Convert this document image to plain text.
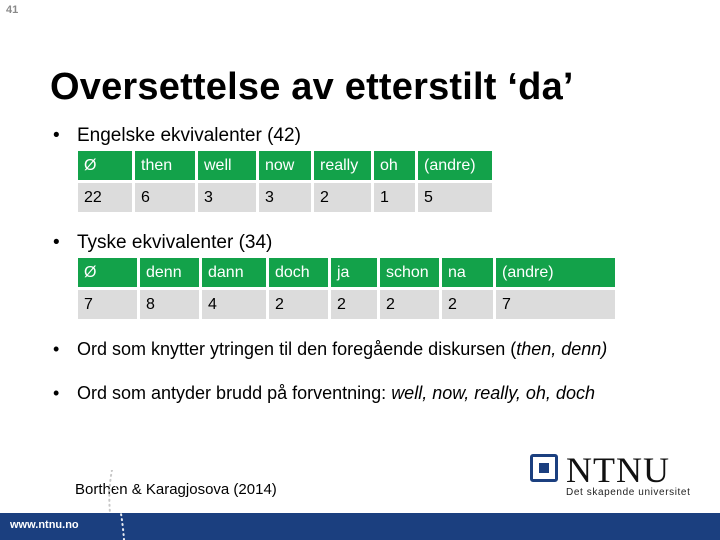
41
Oversettelse av etterstilt ‘da’
• Engelske ekvivalenter (42)
Ø	then	well	now	really	oh	(andre)
22	6	3	3	2	1	5
• Tyske ekvivalenter (34)
Ø	denn	dann	doch	ja	schon	na	(andre)
7	8	4	2	2	2	2	7
• Ord som knytter ytringen til den foregående diskursen (then, denn)
• Ord som antyder brudd på forventning: well, now, really, oh, doch
Borthen & Karagjosova (2014)	NTNU
Det skapende universitet
www.ntnu.no
